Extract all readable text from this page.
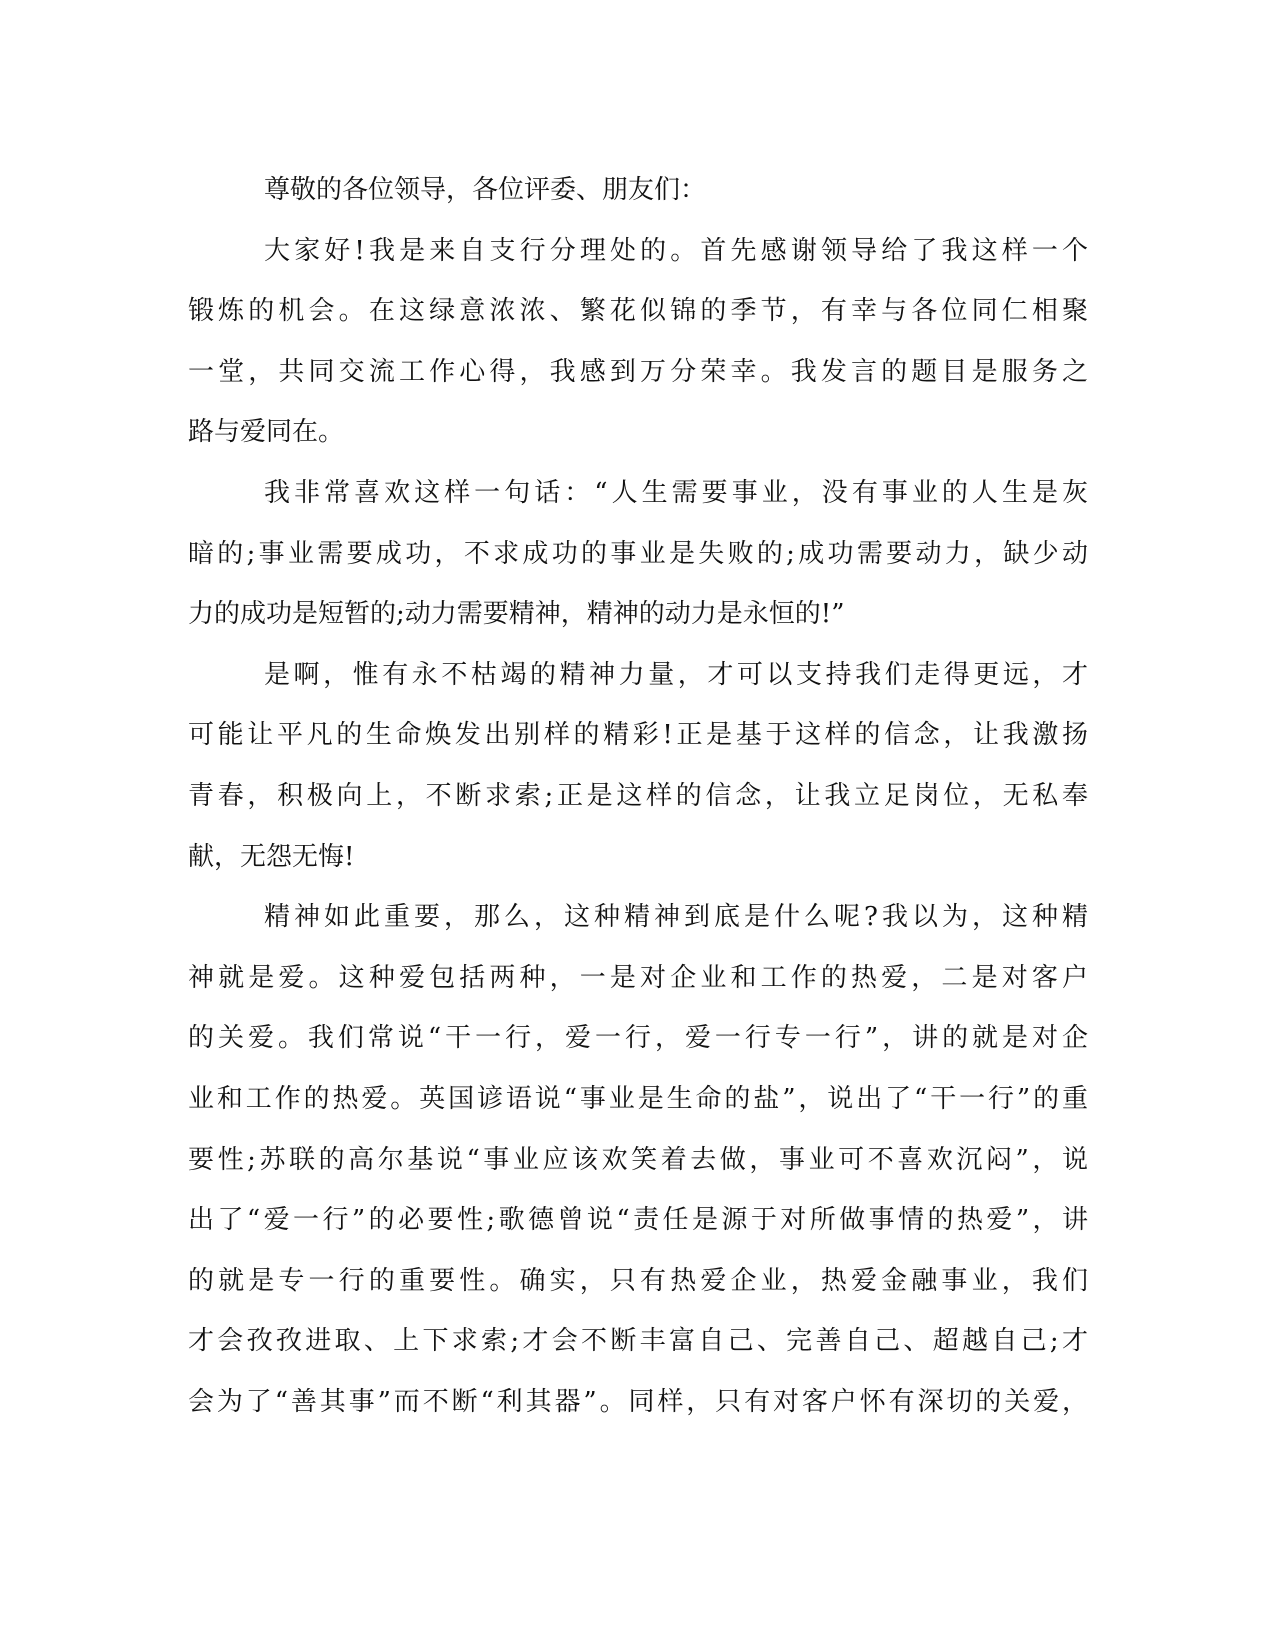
尊敬的各位领导，各位评委、朋友们：
大家好!我是来自支行分理处的。首先感谢领导给了我这样一个
锻炼的机会。在这绿意浓浓、繁花似锦的季节，有幸与各位同仁相聚
一堂，共同交流工作心得，我感到万分荣幸。我发言的题目是服务之
路与爱同在。
我非常喜欢这样一句话：“人生需要事业，没有事业的人生是灰
暗的;事业需要成功，不求成功的事业是失败的;成功需要动力，缺少动
力的成功是短暂的;动力需要精神，精神的动力是永恒的!”
是啊，惟有永不枯竭的精神力量，才可以支持我们走得更远，才
可能让平凡的生命焕发出别样的精彩!正是基于这样的信念，让我激扬
青春，积极向上，不断求索;正是这样的信念，让我立足岗位，无私奉
献，无怨无悔!
精神如此重要，那么，这种精神到底是什么呢?我以为，这种精
神就是爱。这种爱包括两种，一是对企业和工作的热爱，二是对客户
的关爱。我们常说“干一行，爱一行，爱一行专一行”，讲的就是对企
业和工作的热爱。英国谚语说“事业是生命的盐”，说出了“干一行”的重
要性;苏联的高尔基说“事业应该欢笑着去做，事业可不喜欢沉闷”，说
出了“爱一行”的必要性;歌德曾说“责任是源于对所做事情的热爱”，讲
的就是专一行的重要性。确实，只有热爱企业，热爱金融事业，我们
才会孜孜进取、上下求索;才会不断丰富自己、完善自己、超越自己;才
会为了“善其事”而不断“利其器”。同样，只有对客户怀有深切的关爱，
